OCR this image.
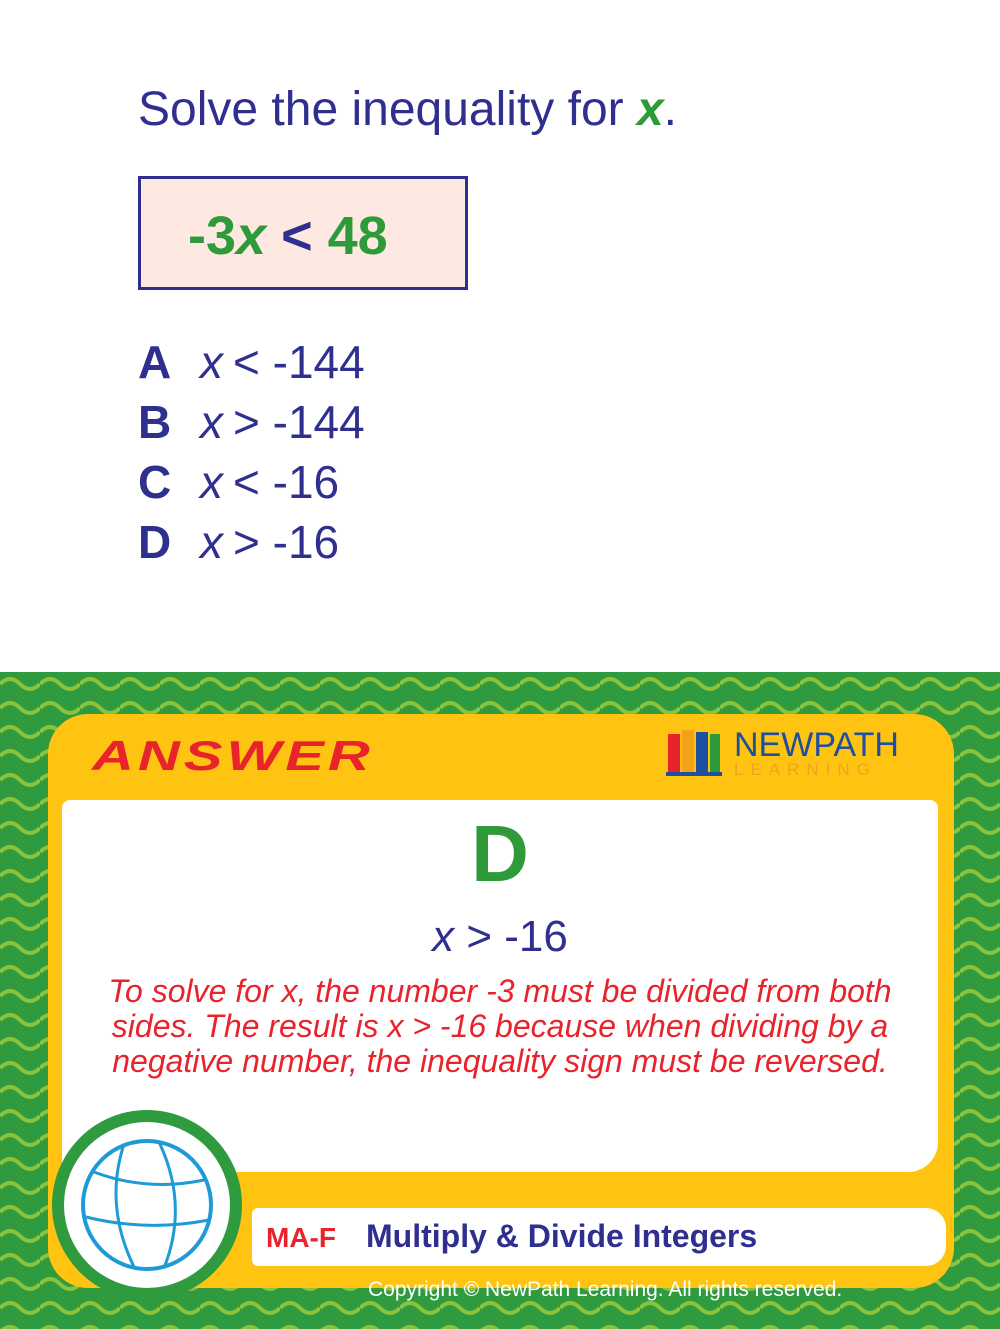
Solve the inequality for x.
-3x < 48
A x <
-144
B x >
-144
C x <
-16
D x >
-16
ANSWER	NEWPATH
LEARNING
D
x > -16
To solve for x, the number -3 must be divided from both sides. The result is x > -16 because when dividing by a negative number, the inequality sign must be reversed.
MA-F Multiply & Divide Integers
Copyright © NewPath Learning. All rights reserved.
